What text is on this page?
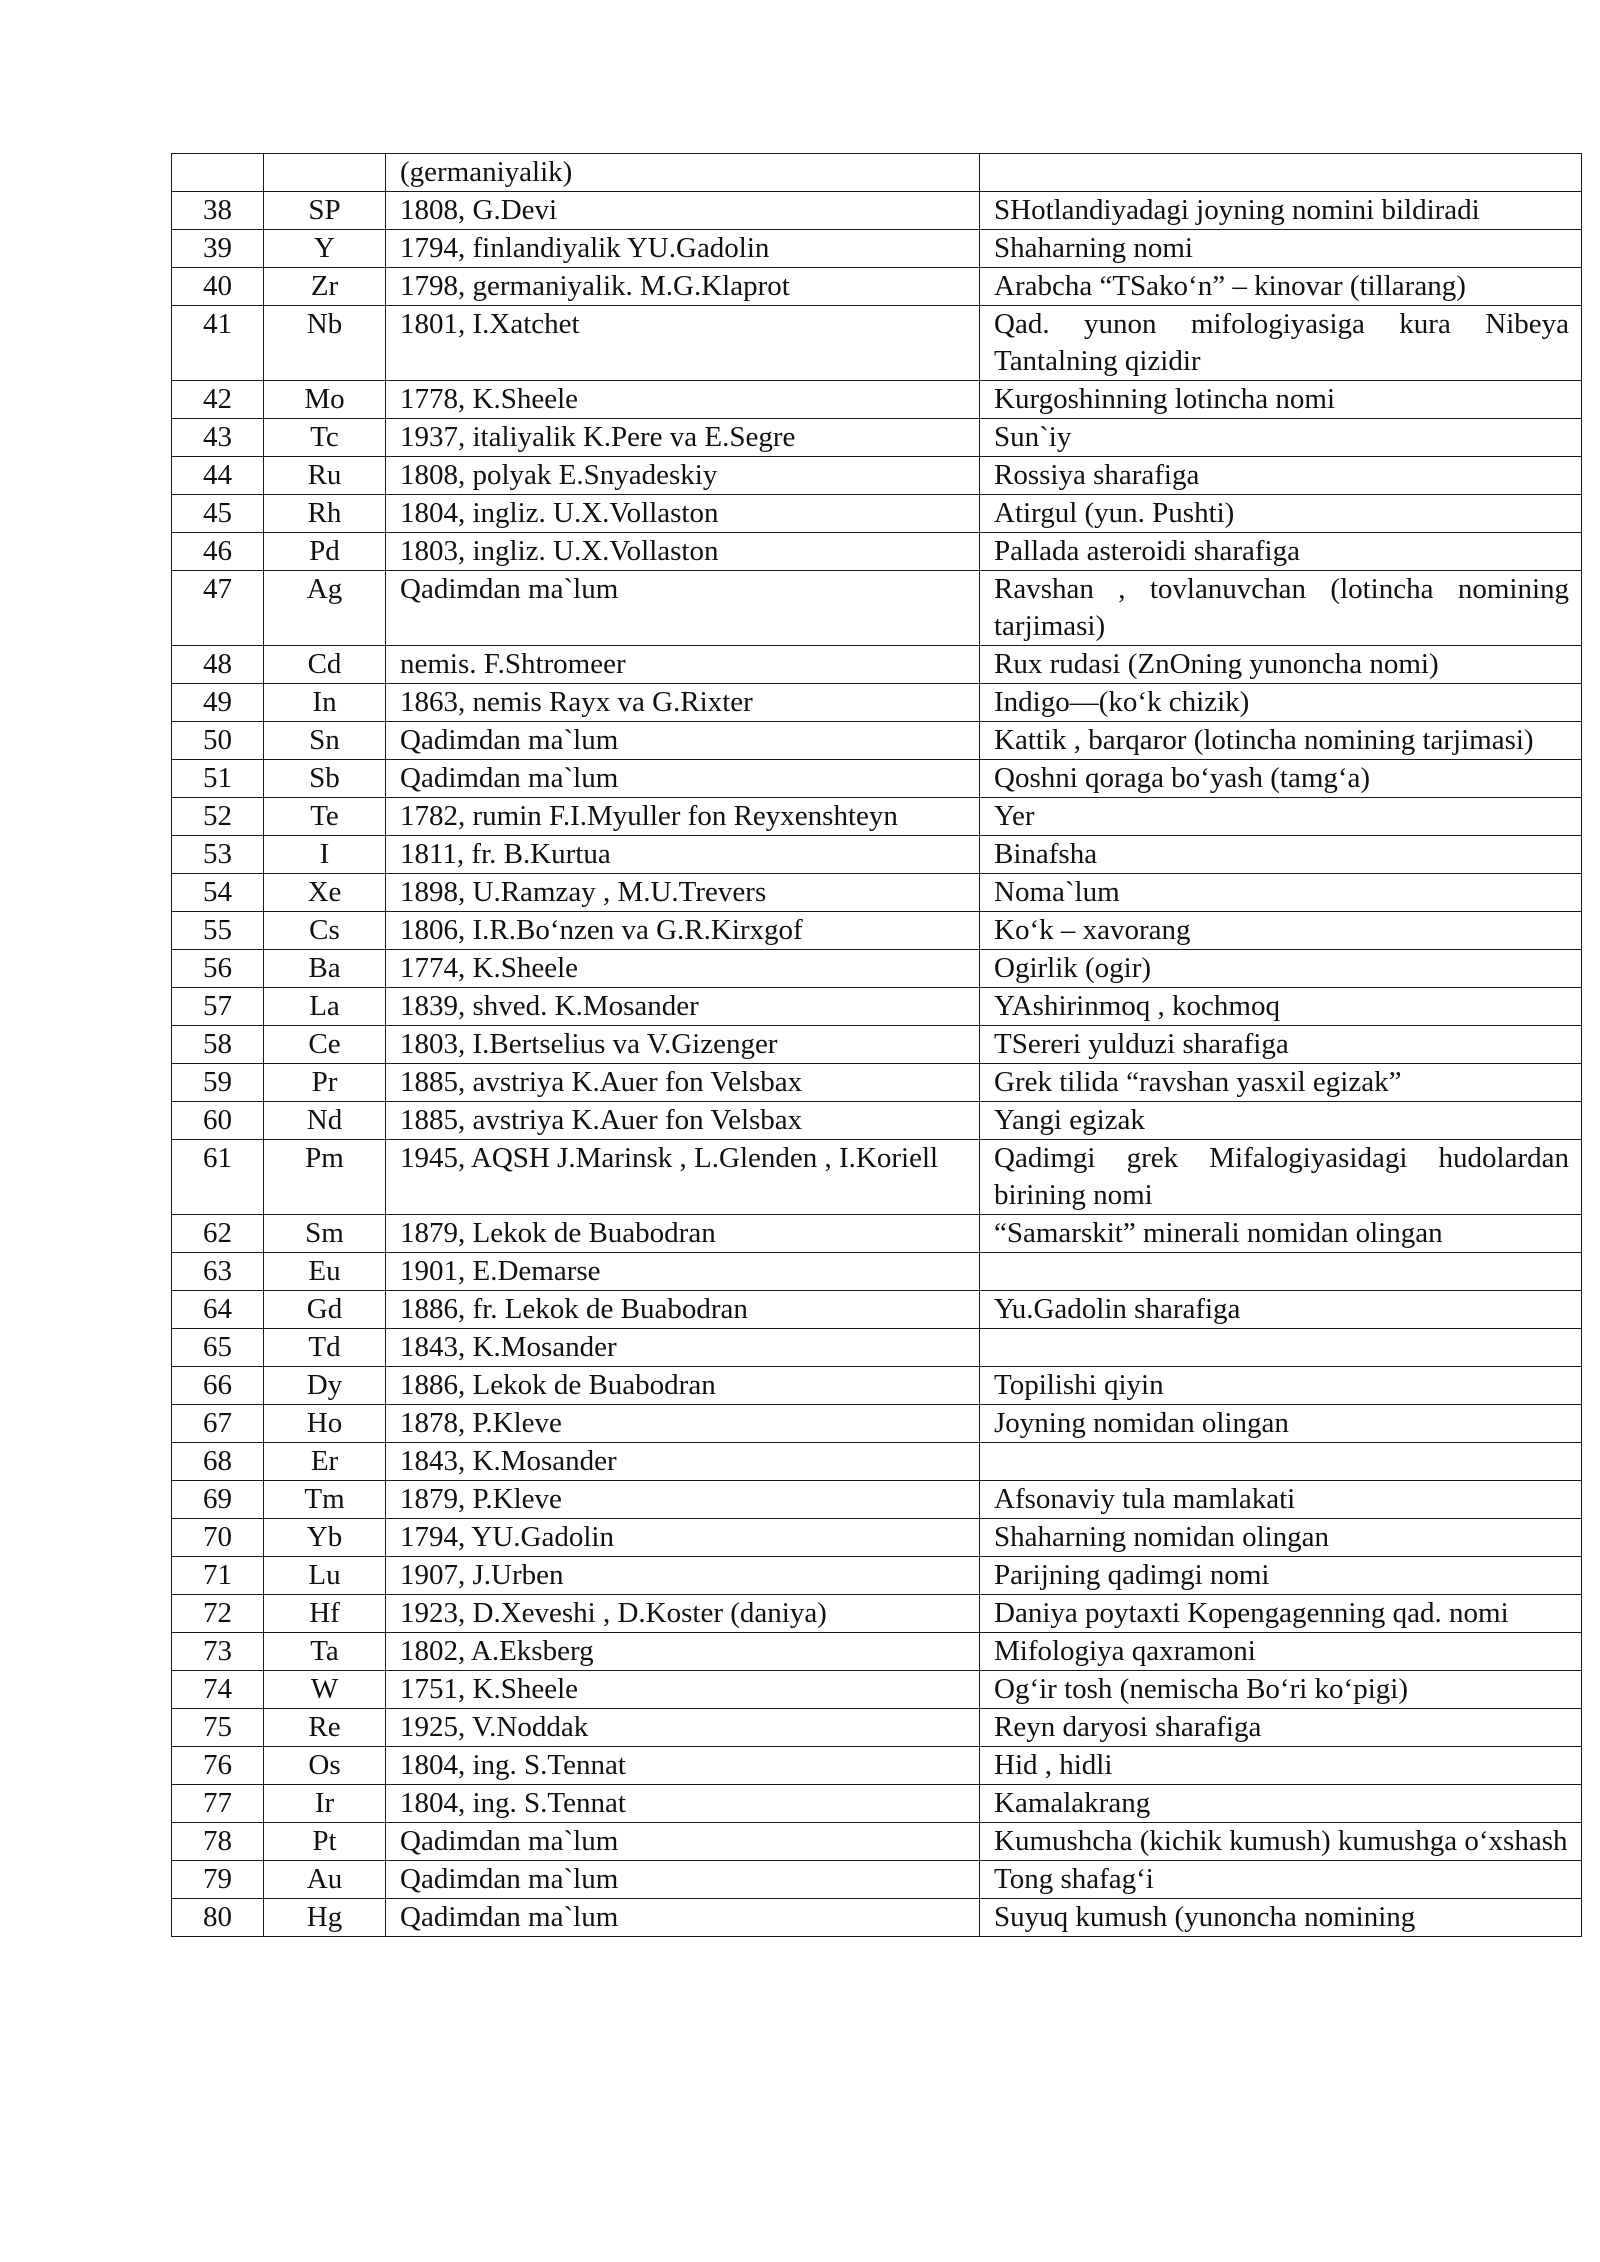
		(germaniyalik)	
38	SP	1808, G.Devi	SHotlandiyadagi joyning nomini bildiradi
39	Y	1794, finlandiyalik YU.Gadolin	Shaharning nomi
40	Zr	1798, germaniyalik. M.G.Klaprot	Arabcha “TSako‘n” – kinovar (tillarang)
41	Nb	1801, I.Xatchet	Qad. yunon mifologiyasiga kura Nibeya Tantalning qizidir
42	Mo	1778, K.Sheele	Kurgoshinning lotincha nomi
43	Tc	1937, italiyalik K.Pere va E.Segre	Sun`iy
44	Ru	1808, polyak E.Snyadeskiy	Rossiya sharafiga
45	Rh	1804, ingliz. U.X.Vollaston	Atirgul (yun. Pushti)
46	Pd	1803, ingliz. U.X.Vollaston	Pallada asteroidi sharafiga
47	Ag	Qadimdan ma`lum	Ravshan , tovlanuvchan (lotincha nomining tarjimasi)
48	Cd	nemis. F.Shtromeer	Rux rudasi (ZnOning yunoncha nomi)
49	In	1863, nemis Rayx va G.Rixter	Indigo—(ko‘k chizik)
50	Sn	Qadimdan ma`lum	Kattik , barqaror (lotincha nomining tarjimasi)
51	Sb	Qadimdan ma`lum	Qoshni qoraga bo‘yash (tamg‘a)
52	Te	1782, rumin F.I.Myuller fon Reyxenshteyn	Yer
53	I	1811, fr. B.Kurtua	Binafsha
54	Xe	1898, U.Ramzay , M.U.Trevers	Noma`lum
55	Cs	1806, I.R.Bo‘nzen va G.R.Kirxgof	Ko‘k – xavorang
56	Ba	1774, K.Sheele	Ogirlik (ogir)
57	La	1839, shved. K.Mosander	YAshirinmoq , kochmoq
58	Ce	1803, I.Bertselius va V.Gizenger	TSereri yulduzi sharafiga
59	Pr	1885, avstriya K.Auer fon Velsbax	Grek tilida “ravshan yasxil egizak”
60	Nd	1885, avstriya K.Auer fon Velsbax	Yangi egizak
61	Pm	1945, AQSH J.Marinsk , L.Glenden , I.Koriell	Qadimgi grek Mifalogiyasidagi hudolardan birining nomi
62	Sm	1879, Lekok de Buabodran	“Samarskit” minerali nomidan olingan
63	Eu	1901, E.Demarse	
64	Gd	1886, fr. Lekok de Buabodran	Yu.Gadolin sharafiga
65	Td	1843, K.Mosander	
66	Dy	1886, Lekok de Buabodran	Topilishi qiyin
67	Ho	1878, P.Kleve	Joyning nomidan olingan
68	Er	1843, K.Mosander	
69	Tm	1879, P.Kleve	Afsonaviy tula mamlakati
70	Yb	1794, YU.Gadolin	Shaharning nomidan olingan
71	Lu	1907, J.Urben	Parijning qadimgi nomi
72	Hf	1923, D.Xeveshi , D.Koster (daniya)	Daniya poytaxti Kopengagenning qad. nomi
73	Ta	1802, A.Eksberg	Mifologiya qaxramoni
74	W	1751, K.Sheele	Og‘ir tosh (nemischa Bo‘ri ko‘pigi)
75	Re	1925, V.Noddak	Reyn daryosi sharafiga
76	Os	1804, ing. S.Tennat	Hid , hidli
77	Ir	1804, ing. S.Tennat	Kamalakrang
78	Pt	Qadimdan ma`lum	Kumushcha (kichik kumush) kumushga o‘xshash
79	Au	Qadimdan ma`lum	Tong shafag‘i
80	Hg	Qadimdan ma`lum	Suyuq kumush (yunoncha nomining
